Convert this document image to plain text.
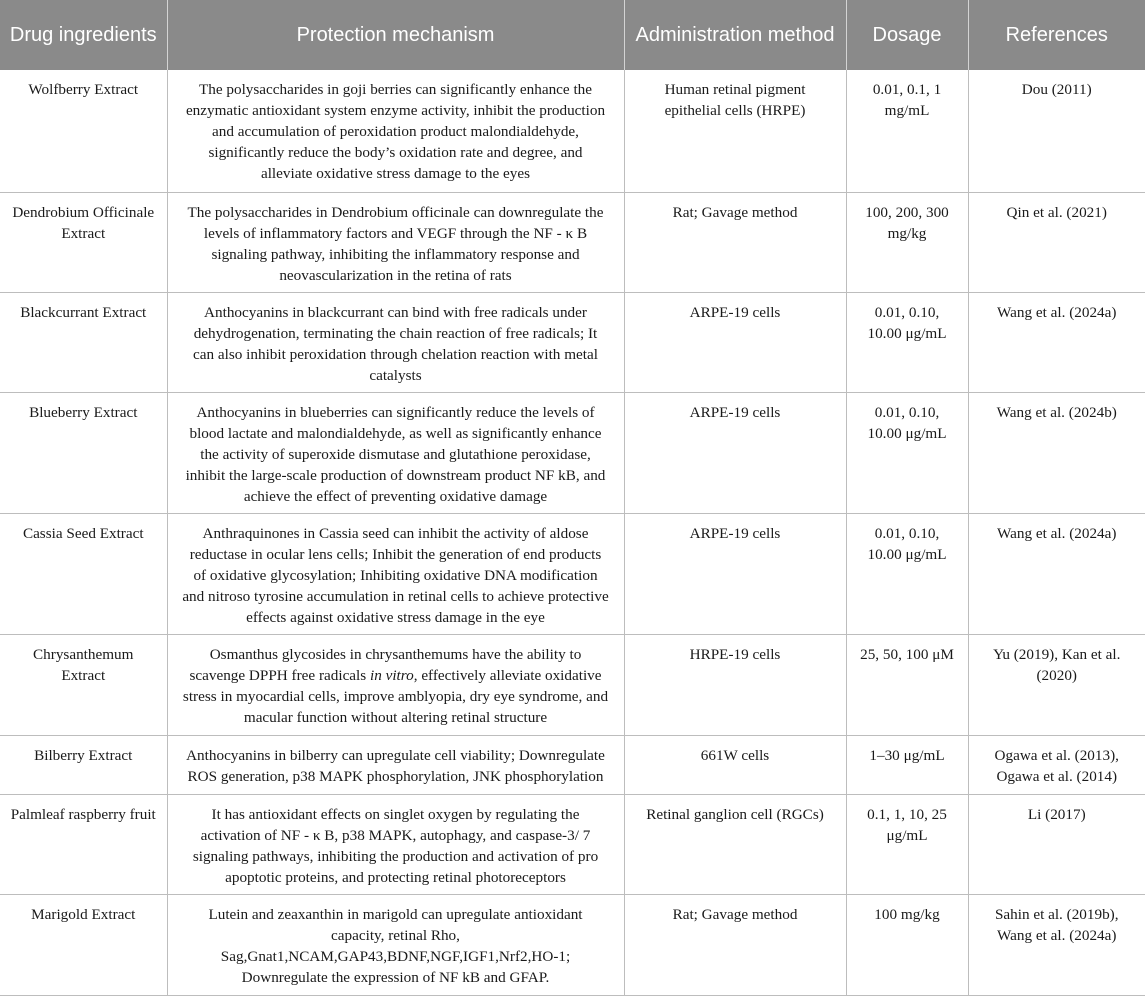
Drug ingredients	Protection mechanism	Administration method	Dosage	References
Wolfberry Extract	The polysaccharides in goji berries can significantly enhance the enzymatic antioxidant system enzyme activity, inhibit the production and accumulation of peroxidation product malondialdehyde, significantly reduce the body’s oxidation rate and degree, and alleviate oxidative stress damage to the eyes	Human retinal pigment epithelial cells (HRPE)	0.01, 0.1, 1 mg/mL	Dou (2011)
Dendrobium Officinale Extract	The polysaccharides in Dendrobium officinale can downregulate the levels of inflammatory factors and VEGF through the NF - κ B signaling pathway, inhibiting the inflammatory response and neovascularization in the retina of rats	Rat; Gavage method	100, 200, 300 mg/kg	Qin et al. (2021)
Blackcurrant Extract	Anthocyanins in blackcurrant can bind with free radicals under dehydrogenation, terminating the chain reaction of free radicals; It can also inhibit peroxidation through chelation reaction with metal catalysts	ARPE-19 cells	0.01, 0.10, 10.00 μg/mL	Wang et al. (2024a)
Blueberry Extract	Anthocyanins in blueberries can significantly reduce the levels of blood lactate and malondialdehyde, as well as significantly enhance the activity of superoxide dismutase and glutathione peroxidase, inhibit the large-scale production of downstream product NF kB, and achieve the effect of preventing oxidative damage	ARPE-19 cells	0.01, 0.10, 10.00 μg/mL	Wang et al. (2024b)
Cassia Seed Extract	Anthraquinones in Cassia seed can inhibit the activity of aldose reductase in ocular lens cells; Inhibit the generation of end products of oxidative glycosylation; Inhibiting oxidative DNA modification and nitroso tyrosine accumulation in retinal cells to achieve protective effects against oxidative stress damage in the eye	ARPE-19 cells	0.01, 0.10, 10.00 μg/mL	Wang et al. (2024a)
Chrysanthemum Extract	Osmanthus glycosides in chrysanthemums have the ability to scavenge DPPH free radicals in vitro, effectively alleviate oxidative stress in myocardial cells, improve amblyopia, dry eye syndrome, and macular function without altering retinal structure	HRPE-19 cells	25, 50, 100 μM	Yu (2019), Kan et al. (2020)
Bilberry Extract	Anthocyanins in bilberry can upregulate cell viability; Downregulate ROS generation, p38 MAPK phosphorylation, JNK phosphorylation	661W cells	1–30 μg/mL	Ogawa et al. (2013), Ogawa et al. (2014)
Palmleaf raspberry fruit	It has antioxidant effects on singlet oxygen by regulating the activation of NF - κ B, p38 MAPK, autophagy, and caspase-3/ 7 signaling pathways, inhibiting the production and activation of pro apoptotic proteins, and protecting retinal photoreceptors	Retinal ganglion cell (RGCs)	0.1, 1, 10, 25 μg/mL	Li (2017)
Marigold Extract	Lutein and zeaxanthin in marigold can upregulate antioxidant capacity, retinal Rho, Sag,Gnat1,NCAM,GAP43,BDNF,NGF,IGF1,Nrf2,HO-1; Downregulate the expression of NF kB and GFAP.	Rat; Gavage method	100 mg/kg	Sahin et al. (2019b), Wang et al. (2024a)
